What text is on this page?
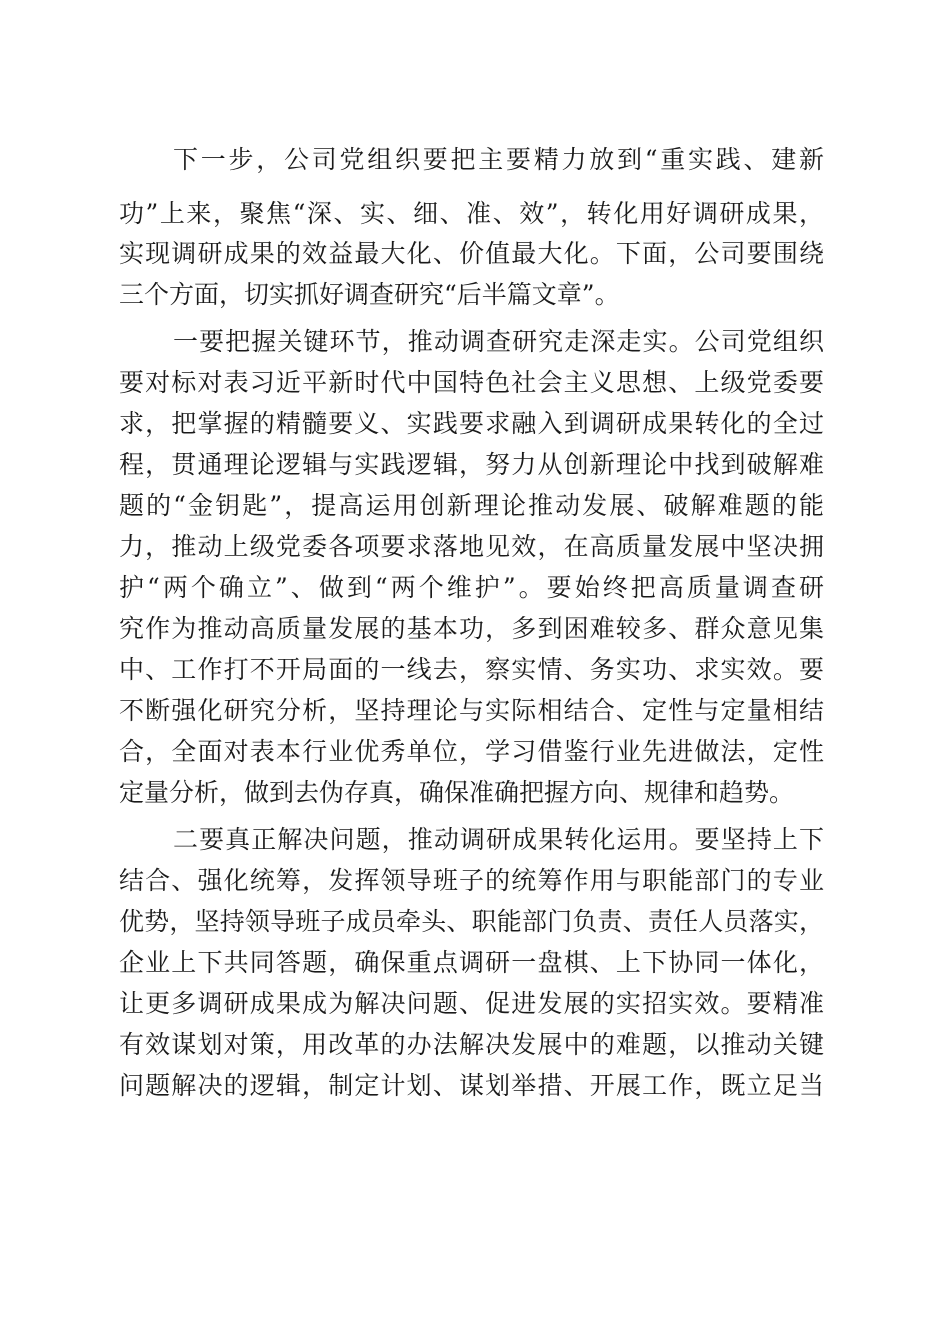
下一步，公司党组织要把主要精力放到“重实践、建新
功”上来，聚焦“深、实、细、准、效”，转化用好调研成果，
实现调研成果的效益最大化、价值最大化。下面，公司要围绕
三个方面，切实抓好调查研究“后半篇文章”。
一要把握关键环节，推动调查研究走深走实。公司党组织
要对标对表习近平新时代中国特色社会主义思想、上级党委要
求，把掌握的精髓要义、实践要求融入到调研成果转化的全过
程，贯通理论逻辑与实践逻辑，努力从创新理论中找到破解难
题的“金钥匙”，提高运用创新理论推动发展、破解难题的能
力，推动上级党委各项要求落地见效，在高质量发展中坚决拥
护“两个确立”、做到“两个维护”。要始终把高质量调查研
究作为推动高质量发展的基本功，多到困难较多、群众意见集
中、工作打不开局面的一线去，察实情、务实功、求实效。要
不断强化研究分析，坚持理论与实际相结合、定性与定量相结
合，全面对表本行业优秀单位，学习借鉴行业先进做法，定性
定量分析，做到去伪存真，确保准确把握方向、规律和趋势。
二要真正解决问题，推动调研成果转化运用。要坚持上下
结合、强化统筹，发挥领导班子的统筹作用与职能部门的专业
优势，坚持领导班子成员牵头、职能部门负责、责任人员落实，
企业上下共同答题，确保重点调研一盘棋、上下协同一体化，
让更多调研成果成为解决问题、促进发展的实招实效。要精准
有效谋划对策，用改革的办法解决发展中的难题，以推动关键
问题解决的逻辑，制定计划、谋划举措、开展工作，既立足当
